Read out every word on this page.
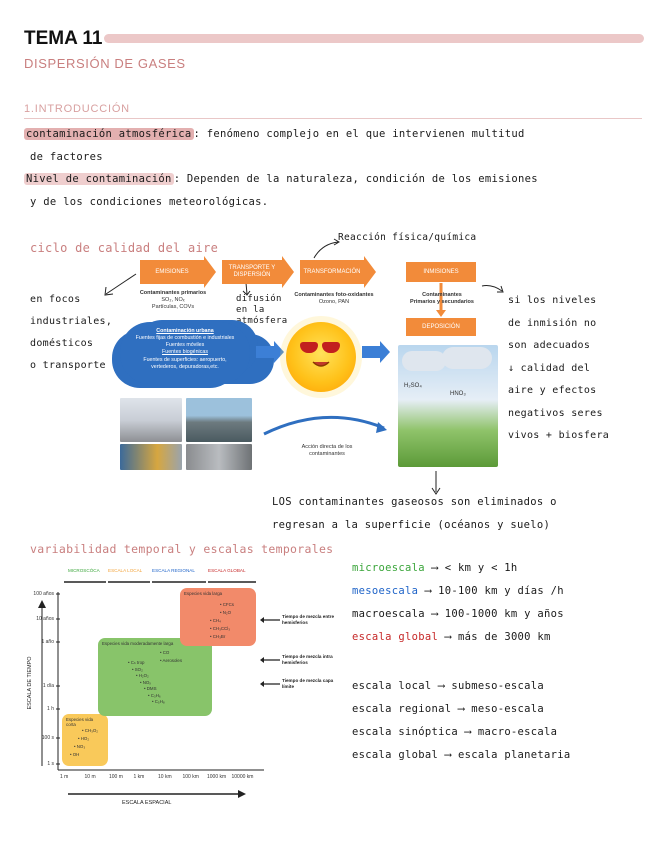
TEMA 11
DISPERSIÓN DE GASES
1.INTRODUCCIÓN
contaminación atmosférica : fenómeno complejo en el que intervienen multitud
de factores
Nivel de contaminación : Dependen de la naturaleza, condición de los emisiones
y de los condiciones meteorológicas.
ciclo de calidad del aire
Reacción física/química
en focos
industriales,
domésticos
o transporte
difusión
en la
atmósfera
si los niveles
de inmisión no
son adecuados
↓ calidad del
aire y efectos
negativos seres
vivos + biosfera
EMISIONES
TRANSPORTE Y DISPERSIÓN
TRANSFORMACIÓN	INMISIONES
DEPOSICIÓN
Contaminantes primarios
SO₂, NOₓ
Partículas, COVs
Contaminantes foto-oxidantes
Ozono, PAN
Contaminantes
Primarios y secundarios
Contaminación urbana
Fuentes fijas de combustión e industriales
Fuentes móviles
Fuentes biogénicas
Fuentes de superficies: aeropuerto,
vertederos, depuradoras,etc.
H₂SO₄
HNO₃
Acción directa de los
contaminantes
LOS contaminantes gaseosos son eliminados o
regresan a la superficie (océanos y suelo)
variabilidad temporal y escalas temporales
1 s
100 s
1 h
1 día
1 año
10 años
100 años
1 m	10 m	100 m 1 km	10 km 100 km 1000 km 10000 km
ESCALA ESPACIAL
ESCALA DE TIEMPO
MICROSCÓCA ESCALA LOCAL ESCALA REGIONAL	ESCALA GLOBAL
Especies vida corta
• CH₃O₂
• HO₂
• NO₃
• OH
Especies vida moderadamente larga
• CO
• Aerosoles
• Cₙ trop
• SO₂
• H₂O₂
• NOₓ
• DMS
• C₃H₆
• C₅H₈
Especies vida larga
• CFCs
• N₂O
• CH₄
• CH₃CCl₃
• CH₃Br
Tiempo de mezcla entre hemisferios
Tiempo de mezcla intra hemisferios
Tiempo de mezcla capa límite
microescala ⟶ < km y < 1h
mesoescala ⟶ 10-100 km y días /h
macroescala ⟶ 100-1000 km y años
escala global ⟶ más de 3000 km
escala local ⟶ submeso-escala
escala regional ⟶ meso-escala
escala sinóptica ⟶ macro-escala
escala global ⟶ escala planetaria
